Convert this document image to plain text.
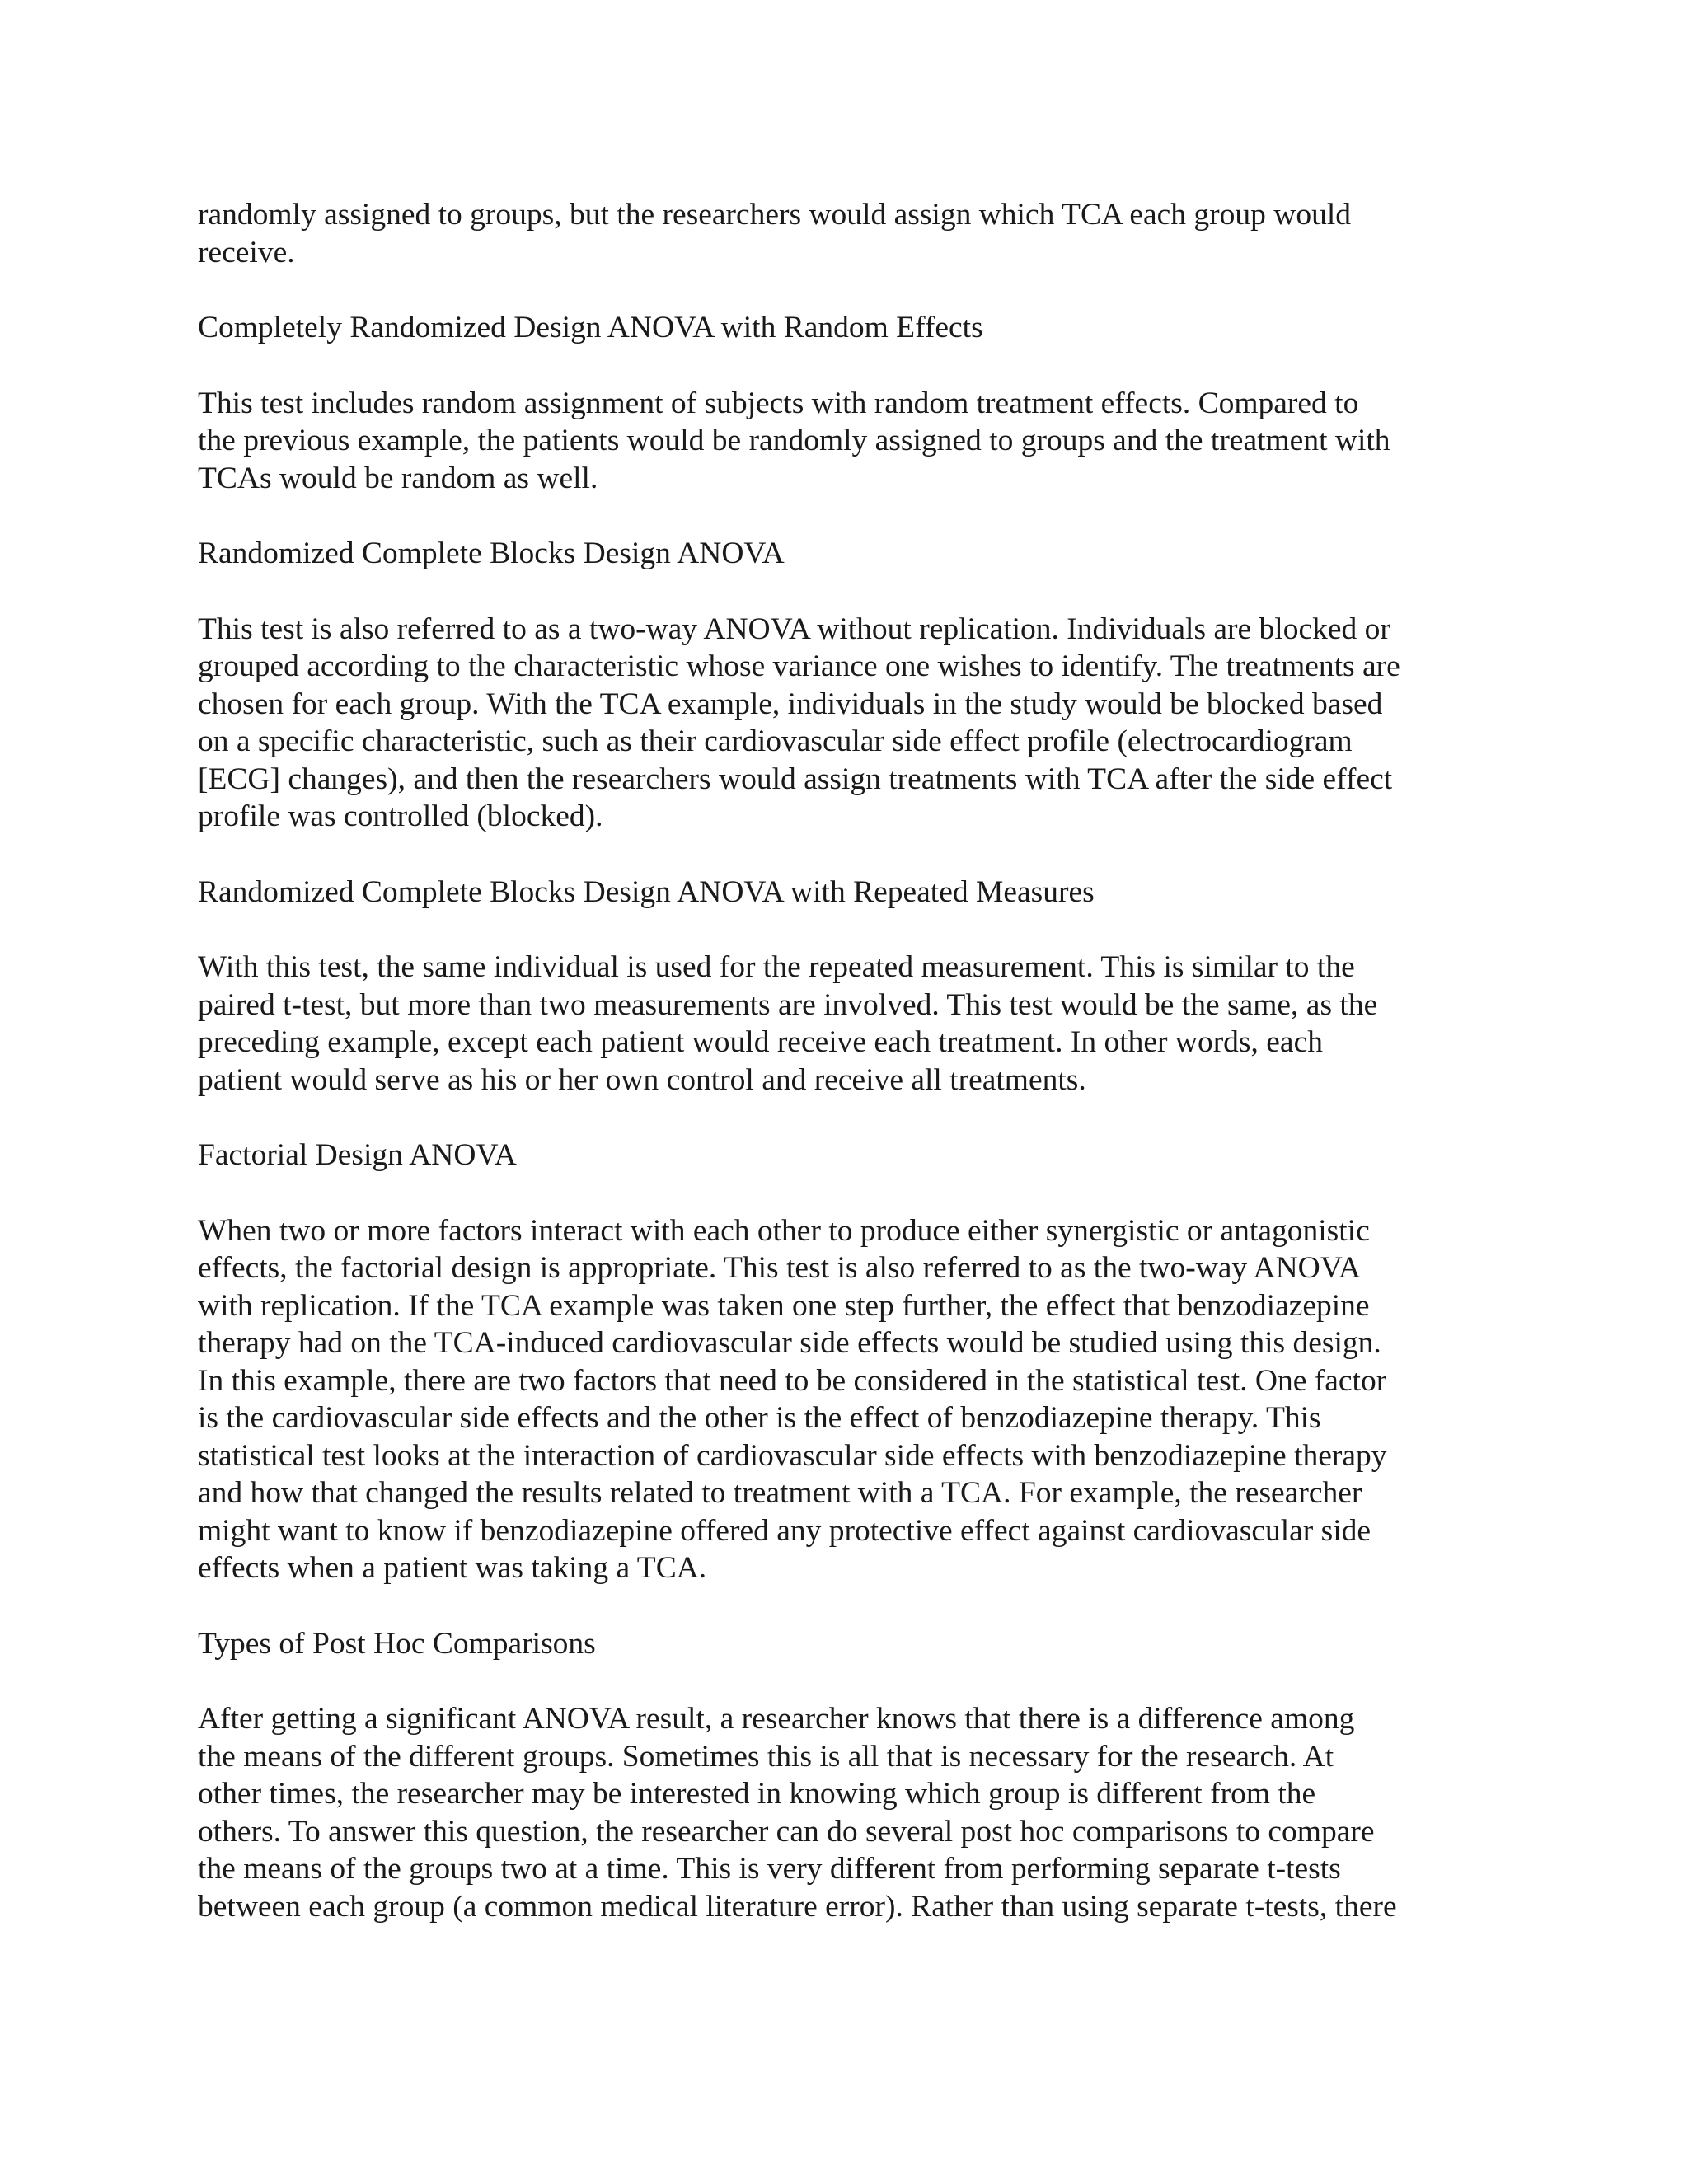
randomly assigned to groups, but the researchers would assign which TCA each group would
receive.

Completely Randomized Design ANOVA with Random Effects

This test includes random assignment of subjects with random treatment effects. Compared to
the previous example, the patients would be randomly assigned to groups and the treatment with
TCAs would be random as well.

Randomized Complete Blocks Design ANOVA

This test is also referred to as a two-way ANOVA without replication. Individuals are blocked or
grouped according to the characteristic whose variance one wishes to identify. The treatments are
chosen for each group. With the TCA example, individuals in the study would be blocked based
on a specific characteristic, such as their cardiovascular side effect profile (electrocardiogram
[ECG] changes), and then the researchers would assign treatments with TCA after the side effect
profile was controlled (blocked).

Randomized Complete Blocks Design ANOVA with Repeated Measures

With this test, the same individual is used for the repeated measurement. This is similar to the
paired t-test, but more than two measurements are involved. This test would be the same, as the
preceding example, except each patient would receive each treatment. In other words, each
patient would serve as his or her own control and receive all treatments.

Factorial Design ANOVA

When two or more factors interact with each other to produce either synergistic or antagonistic
effects, the factorial design is appropriate. This test is also referred to as the two-way ANOVA
with replication. If the TCA example was taken one step further, the effect that benzodiazepine
therapy had on the TCA-induced cardiovascular side effects would be studied using this design.
In this example, there are two factors that need to be considered in the statistical test. One factor
is the cardiovascular side effects and the other is the effect of benzodiazepine therapy. This
statistical test looks at the interaction of cardiovascular side effects with benzodiazepine therapy
and how that changed the results related to treatment with a TCA. For example, the researcher
might want to know if benzodiazepine offered any protective effect against cardiovascular side
effects when a patient was taking a TCA.

Types of Post Hoc Comparisons

After getting a significant ANOVA result, a researcher knows that there is a difference among
the means of the different groups. Sometimes this is all that is necessary for the research. At
other times, the researcher may be interested in knowing which group is different from the
others. To answer this question, the researcher can do several post hoc comparisons to compare
the means of the groups two at a time. This is very different from performing separate t-tests
between each group (a common medical literature error). Rather than using separate t-tests, there
